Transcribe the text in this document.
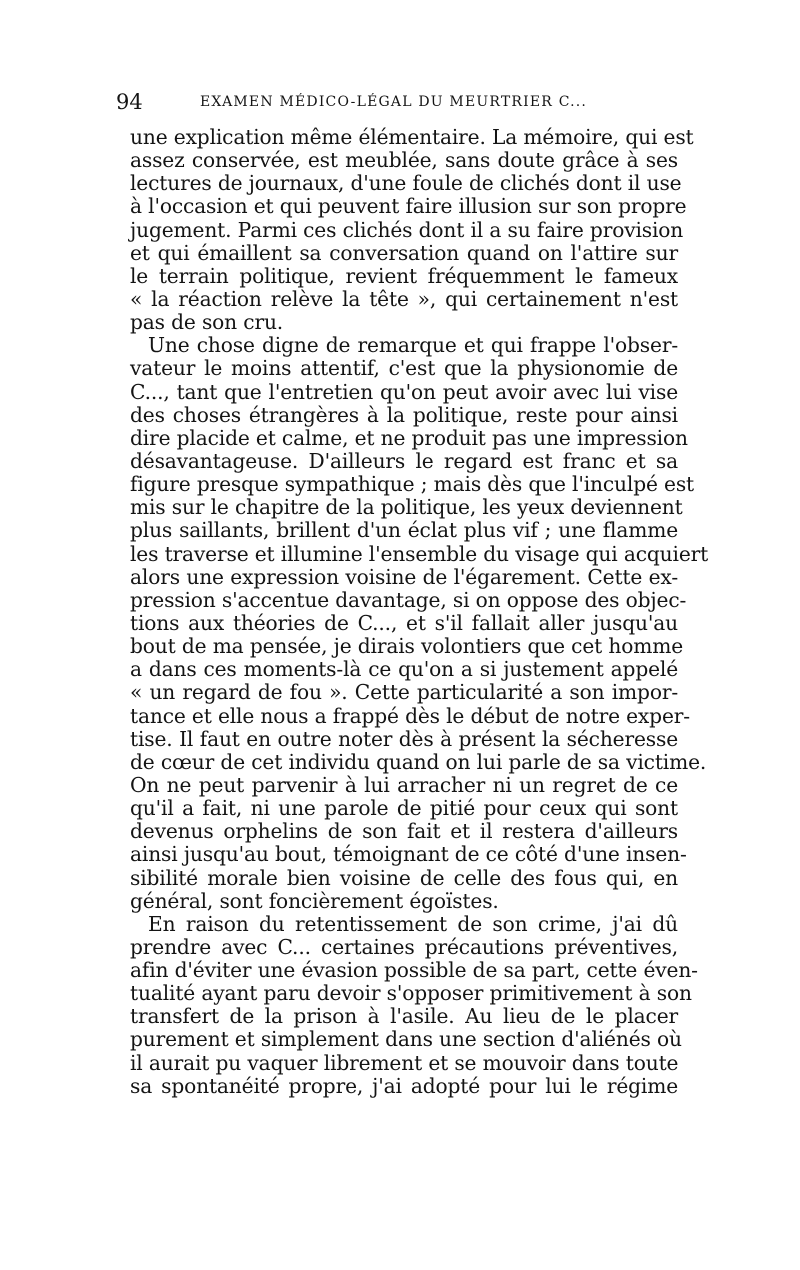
94	EXAMEN MÉDICO-LÉGAL DU MEURTRIER C...
une explication même élémentaire. La mémoire, qui est
assez conservée, est meublée, sans doute grâce à ses
lectures de journaux, d'une foule de clichés dont il use
à l'occasion et qui peuvent faire illusion sur son propre
jugement. Parmi ces clichés dont il a su faire provision
et qui émaillent sa conversation quand on l'attire sur
le terrain politique, revient fréquemment le fameux
« la réaction relève la tête », qui certainement n'est
pas de son cru.
Une chose digne de remarque et qui frappe l'obser-
vateur le moins attentif, c'est que la physionomie de
C..., tant que l'entretien qu'on peut avoir avec lui vise
des choses étrangères à la politique, reste pour ainsi
dire placide et calme, et ne produit pas une impression
désavantageuse. D'ailleurs le regard est franc et sa
figure presque sympathique ; mais dès que l'inculpé est
mis sur le chapitre de la politique, les yeux deviennent
plus saillants, brillent d'un éclat plus vif ; une flamme
les traverse et illumine l'ensemble du visage qui acquiert
alors une expression voisine de l'égarement. Cette ex-
pression s'accentue davantage, si on oppose des objec-
tions aux théories de C..., et s'il fallait aller jusqu'au
bout de ma pensée, je dirais volontiers que cet homme
a dans ces moments-là ce qu'on a si justement appelé
« un regard de fou ». Cette particularité a son impor-
tance et elle nous a frappé dès le début de notre exper-
tise. Il faut en outre noter dès à présent la sécheresse
de cœur de cet individu quand on lui parle de sa victime.
On ne peut parvenir à lui arracher ni un regret de ce
qu'il a fait, ni une parole de pitié pour ceux qui sont
devenus orphelins de son fait et il restera d'ailleurs
ainsi jusqu'au bout, témoignant de ce côté d'une insen-
sibilité morale bien voisine de celle des fous qui, en
général, sont foncièrement égoïstes.
En raison du retentissement de son crime, j'ai dû
prendre avec C... certaines précautions préventives,
afin d'éviter une évasion possible de sa part, cette éven-
tualité ayant paru devoir s'opposer primitivement à son
transfert de la prison à l'asile. Au lieu de le placer
purement et simplement dans une section d'aliénés où
il aurait pu vaquer librement et se mouvoir dans toute
sa spontanéité propre, j'ai adopté pour lui le régime
